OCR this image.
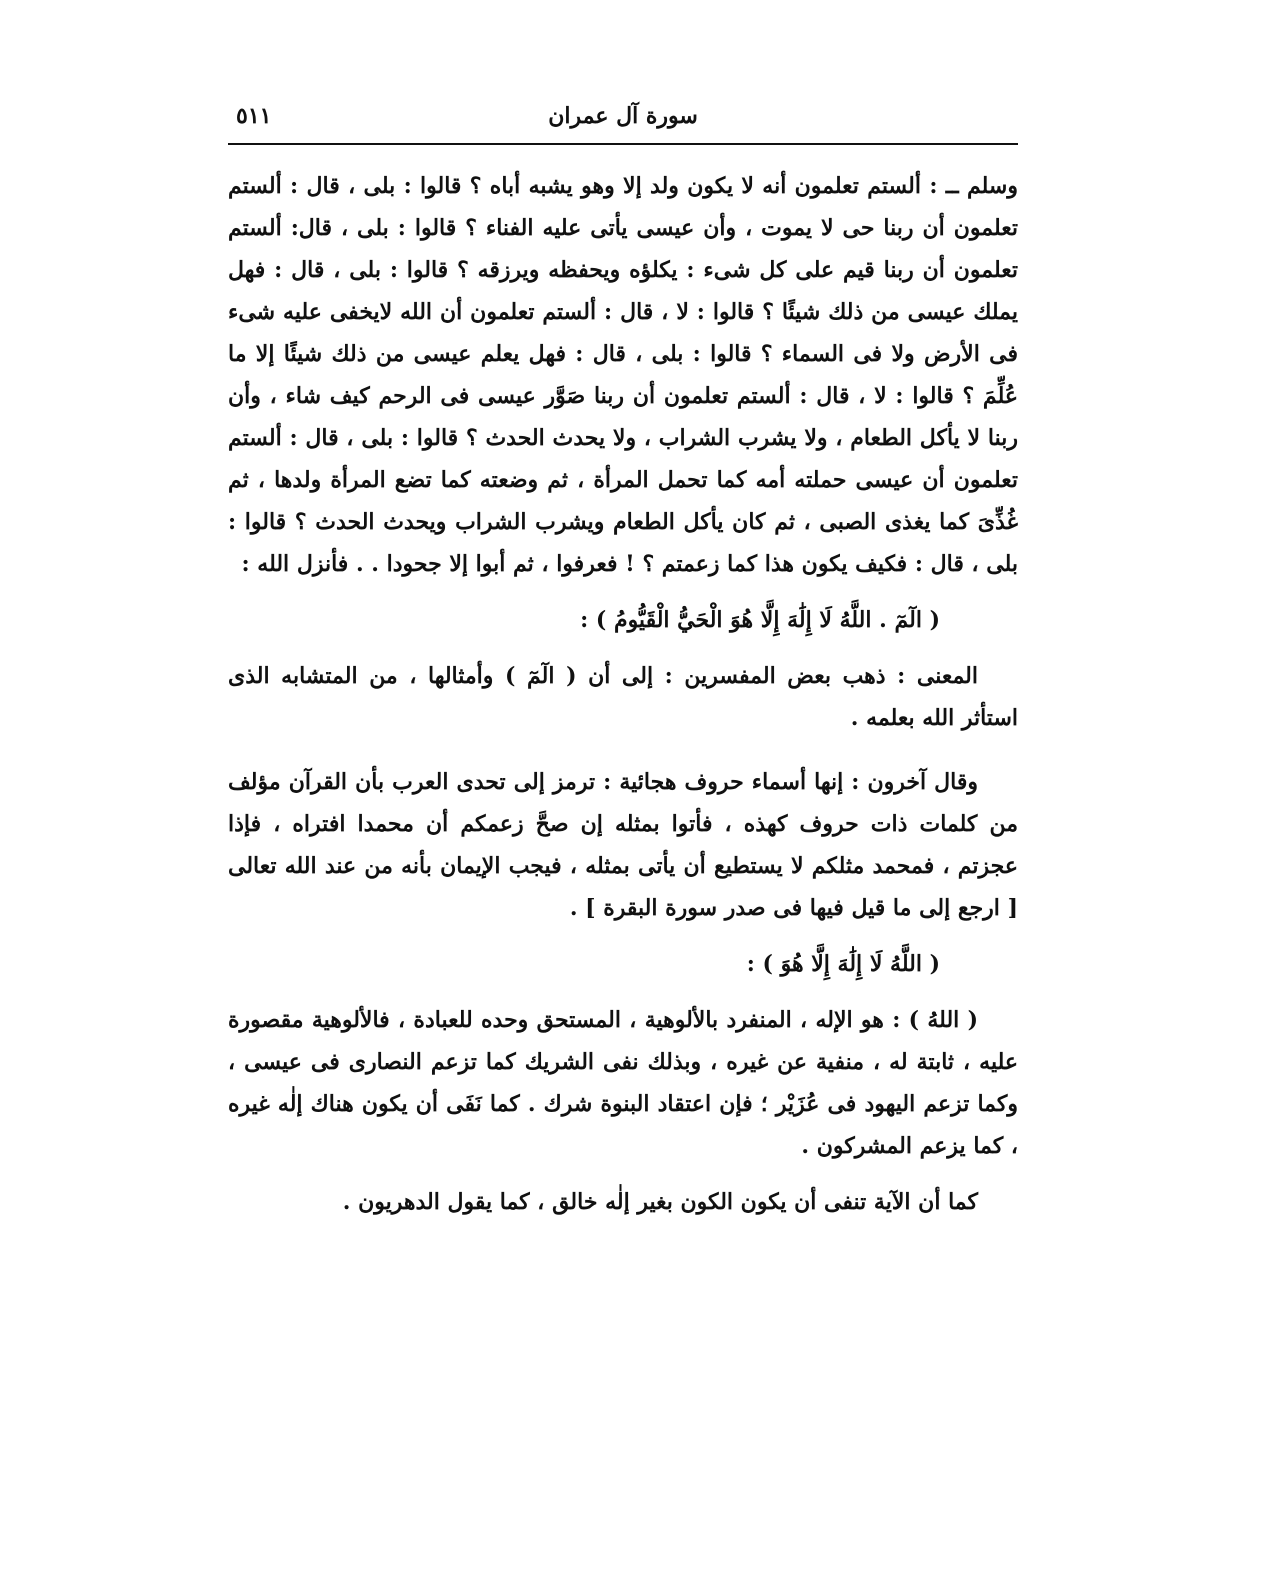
سورة آل عمران
٥١١

وسلم ــ : ألستم تعلمون أنه لا يكون ولد إلا وهو يشبه أباه ؟ قالوا : بلى ، قال : ألستم تعلمون أن ربنا حى لا يموت ، وأن عيسى يأتى عليه الفناء ؟ قالوا : بلى ، قال: ألستم تعلمون أن ربنا قيم على كل شىء : يكلؤه ويحفظه ويرزقه ؟ قالوا : بلى ، قال : فهل يملك عيسى من ذلك شيئًا ؟ قالوا : لا ، قال : ألستم تعلمون أن الله لايخفى عليه شىء فى الأرض ولا فى السماء ؟ قالوا : بلى ، قال : فهل يعلم عيسى من ذلك شيئًا إلا ما عُلِّمَ ؟ قالوا : لا ، قال : ألستم تعلمون أن ربنا صَوَّر عيسى فى الرحم كيف شاء ، وأن ربنا لا يأكل الطعام ، ولا يشرب الشراب ، ولا يحدث الحدث ؟ قالوا : بلى ، قال : ألستم تعلمون أن عيسى حملته أمه كما تحمل المرأة ، ثم وضعته كما تضع المرأة ولدها ، ثم غُذِّىَ كما يغذى الصبى ، ثم كان يأكل الطعام ويشرب الشراب ويحدث الحدث ؟ قالوا : بلى ، قال : فكيف يكون هذا كما زعمتم ؟ ! فعرفوا ، ثم أبوا إلا جحودا . . فأنزل الله :

( الٓمٓ . اللَّهُ لَا إِلَٰهَ إِلَّا هُوَ الْحَيُّ الْقَيُّومُ ) :

المعنى : ذهب بعض المفسرين : إلى أن ( الٓمٓ ) وأمثالها ، من المتشابه الذى استأثر الله بعلمه .

وقال آخرون : إنها أسماء حروف هجائية : ترمز إلى تحدى العرب بأن القرآن مؤلف من كلمات ذات حروف كهذه ، فأتوا بمثله إن صحَّ زعمكم أن محمدا افتراه ، فإذا عجزتم ، فمحمد مثلكم لا يستطيع أن يأتى بمثله ، فيجب الإيمان بأنه من عند الله تعالى [ ارجع إلى ما قيل فيها فى صدر سورة البقرة ] .

( اللَّهُ لَا إِلَٰهَ إِلَّا هُوَ ) :

( اللهُ ) : هو الإله ، المنفرد بالألوهية ، المستحق وحده للعبادة ، فالألوهية مقصورة عليه ، ثابتة له ، منفية عن غيره ، وبذلك نفى الشريك كما تزعم النصارى فى عيسى ، وكما تزعم اليهود فى عُزَيْر ؛ فإن اعتقاد البنوة شرك . كما نَفَى أن يكون هناك إلٰه غيره ، كما يزعم المشركون .

كما أن الآية تنفى أن يكون الكون بغير إلٰه خالق ، كما يقول الدهريون .
